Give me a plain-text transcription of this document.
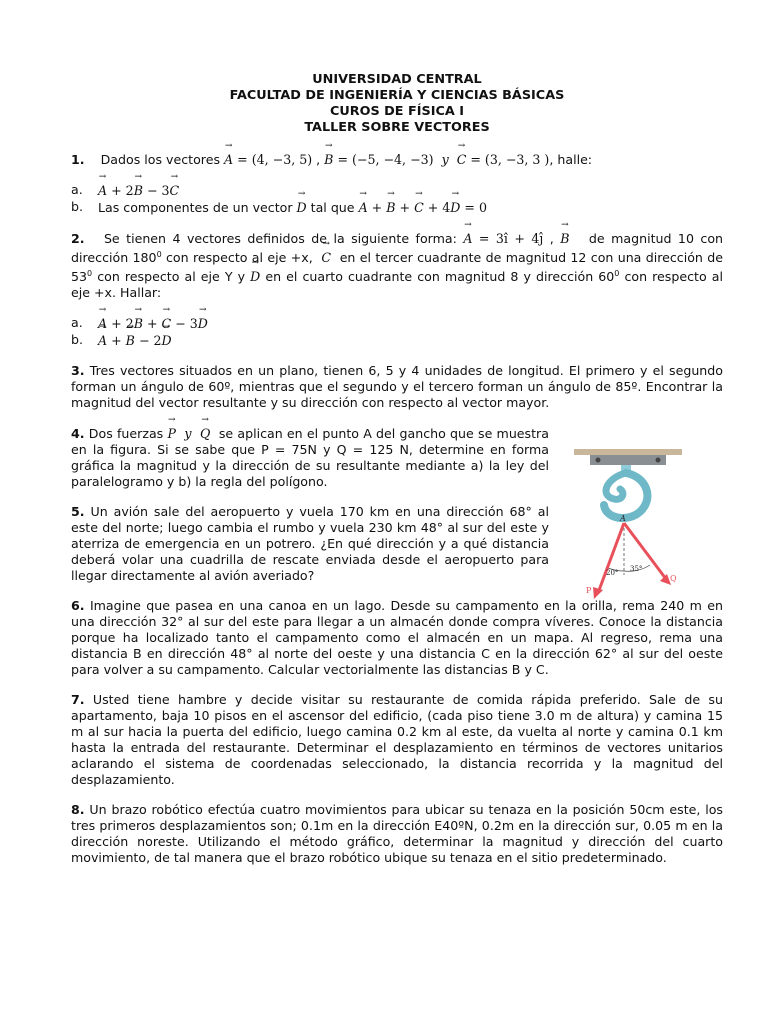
UNIVERSIDAD CENTRAL
FACULTAD DE INGENIERÍA Y CIENCIAS BÁSICAS
CUROS DE FÍSICA I
TALLER SOBRE VECTORES

1. Dados los vectores → A = (4, −3, 5) , → B = (−5, −4, −3) y → C = (3, −3, 3 ), halle:

a.	→ A + 2→ B − 3→ C
b.	Las componentes de un vector → D tal que → A + → B + → C + 4→ D = 0

2. Se tienen 4 vectores definidos de la siguiente forma: → A = 3î + 4ĵ , → B de magnitud 10 con dirección $180^0$ con respecto al eje +x, → C en el tercer cuadrante de magnitud 12 con una dirección de $53^0$ con respecto al eje Y y → D en el cuarto cuadrante con magnitud 8 y dirección $60^0$ con respecto al eje +x. Hallar:

a.	→ A + 2→ B + → C − 3→ D
b.	→ A + → B − 2→ D

3. Tres vectores situados en un plano, tienen 6, 5 y 4 unidades de longitud. El primero y el segundo forman un ángulo de 60º, mientras que el segundo y el tercero forman un ángulo de 85º. Encontrar la magnitud del vector resultante y su dirección con respecto al vector mayor.

4. Dos fuerzas → P y → Q se aplican en el punto A del gancho que se muestra en la figura. Si se sabe que P = 75N y Q = 125 N, determine en forma gráfica la magnitud y la dirección de su resultante mediante a) la ley del paralelogramo y b) la regla del polígono.

5. Un avión sale del aeropuerto y vuela 170 km en una dirección 68° al este del norte; luego cambia el rumbo y vuela 230 km 48° al sur del este y aterriza de emergencia en un potrero. ¿En qué dirección y a qué distancia deberá volar una cuadrilla de rescate enviada desde el aeropuerto para llegar directamente al avión averiado?

6. Imagine que pasea en una canoa en un lago. Desde su campamento en la orilla, rema 240 m en una dirección 32° al sur del este para llegar a un almacén donde compra víveres. Conoce la distancia porque ha localizado tanto el campamento como el almacén en un mapa. Al regreso, rema una distancia B en dirección 48° al norte del oeste y una distancia C en la dirección 62° al sur del oeste para volver a su campamento. Calcular vectorialmente las distancias B y C.

7. Usted tiene hambre y decide visitar su restaurante de comida rápida preferido. Sale de su apartamento, baja 10 pisos en el ascensor del edificio, (cada piso tiene 3.0 m de altura) y camina 15 m al sur hacia la puerta del edificio, luego camina 0.2 km al este, da vuelta al norte y camina 0.1 km hasta la entrada del restaurante. Determinar el desplazamiento en términos de vectores unitarios aclarando el sistema de coordenadas seleccionado, la distancia recorrida y la magnitud del desplazamiento.

8. Un brazo robótico efectúa cuatro movimientos para ubicar su tenaza en la posición 50cm este, los tres primeros desplazamientos son; 0.1m en la dirección E40ºN, 0.2m en la dirección sur, 0.05 m en la dirección noreste. Utilizando el método gráfico, determinar la magnitud y dirección del cuarto movimiento, de tal manera que el brazo robótico ubique su tenaza en el sitio predeterminado.

A
20° 35°
P
Q
